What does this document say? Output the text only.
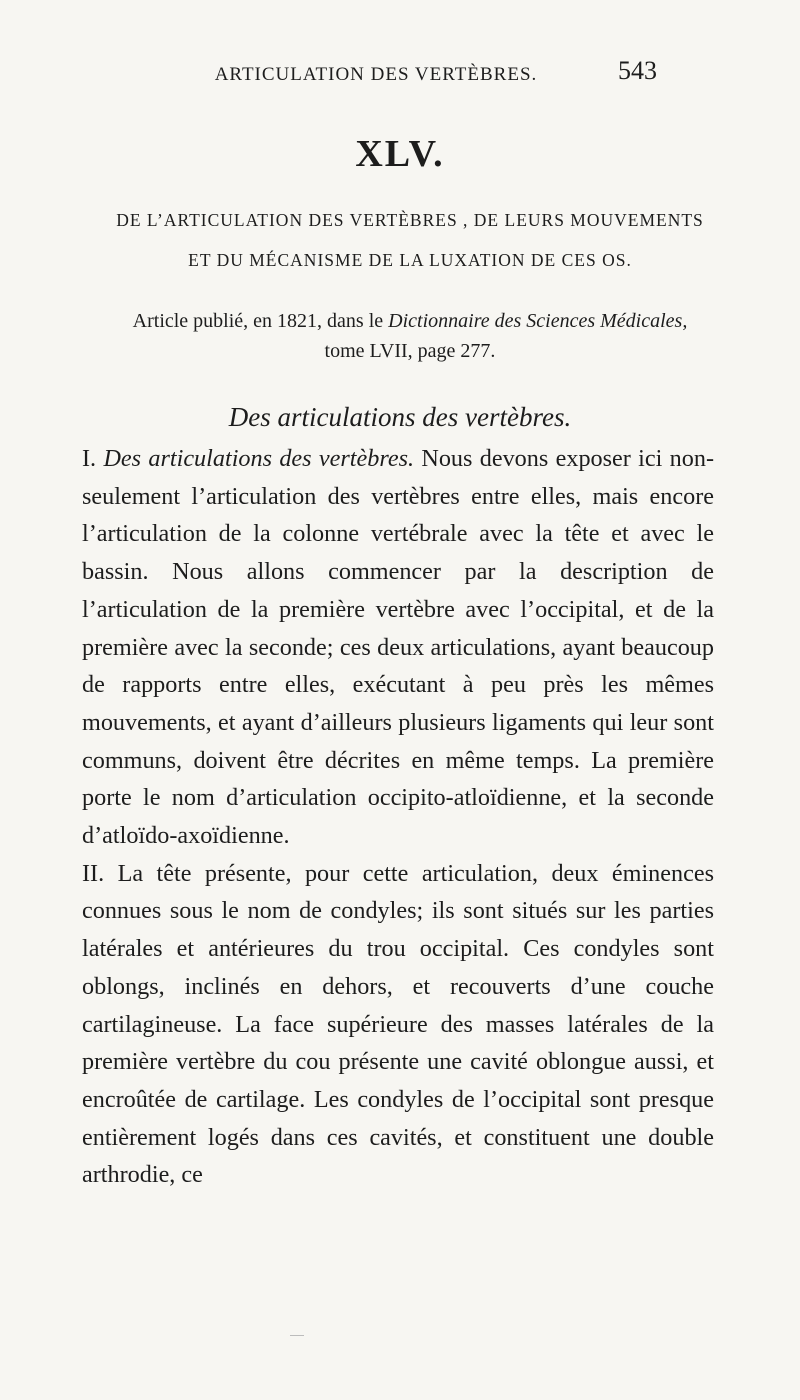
ARTICULATION DES VERTÈBRES.	543
XLV.
DE L’ARTICULATION DES VERTÈBRES , DE LEURS MOUVEMENTS
ET DU MÉCANISME DE LA LUXATION DE CES OS.
Article publié, en 1821, dans le Dictionnaire des Sciences Médicales,
tome LVII, page 277.
Des articulations des vertèbres.

I. Des articulations des vertèbres. Nous devons exposer ici non-seulement l’articulation des vertèbres entre elles, mais encore l’articulation de la colonne vertébrale avec la tête et avec le bassin. Nous allons commencer par la description de l’articulation de la première vertèbre avec l’occipital, et de la première avec la seconde; ces deux articulations, ayant beaucoup de rapports entre elles, exécutant à peu près les mêmes mouvements, et ayant d’ailleurs plusieurs ligaments qui leur sont communs, doivent être décrites en même temps. La première porte le nom d’articulation occipito-atloïdienne, et la seconde d’atloïdo-axoïdienne.

II. La tête présente, pour cette articulation, deux éminences connues sous le nom de condyles; ils sont situés sur les parties latérales et antérieures du trou occipital. Ces condyles sont oblongs, inclinés en dehors, et recouverts d’une couche cartilagineuse. La face supérieure des masses latérales de la première vertèbre du cou présente une cavité oblongue aussi, et encroûtée de cartilage. Les condyles de l’occipital sont presque entièrement logés dans ces cavités, et constituent une double arthrodie, ce
